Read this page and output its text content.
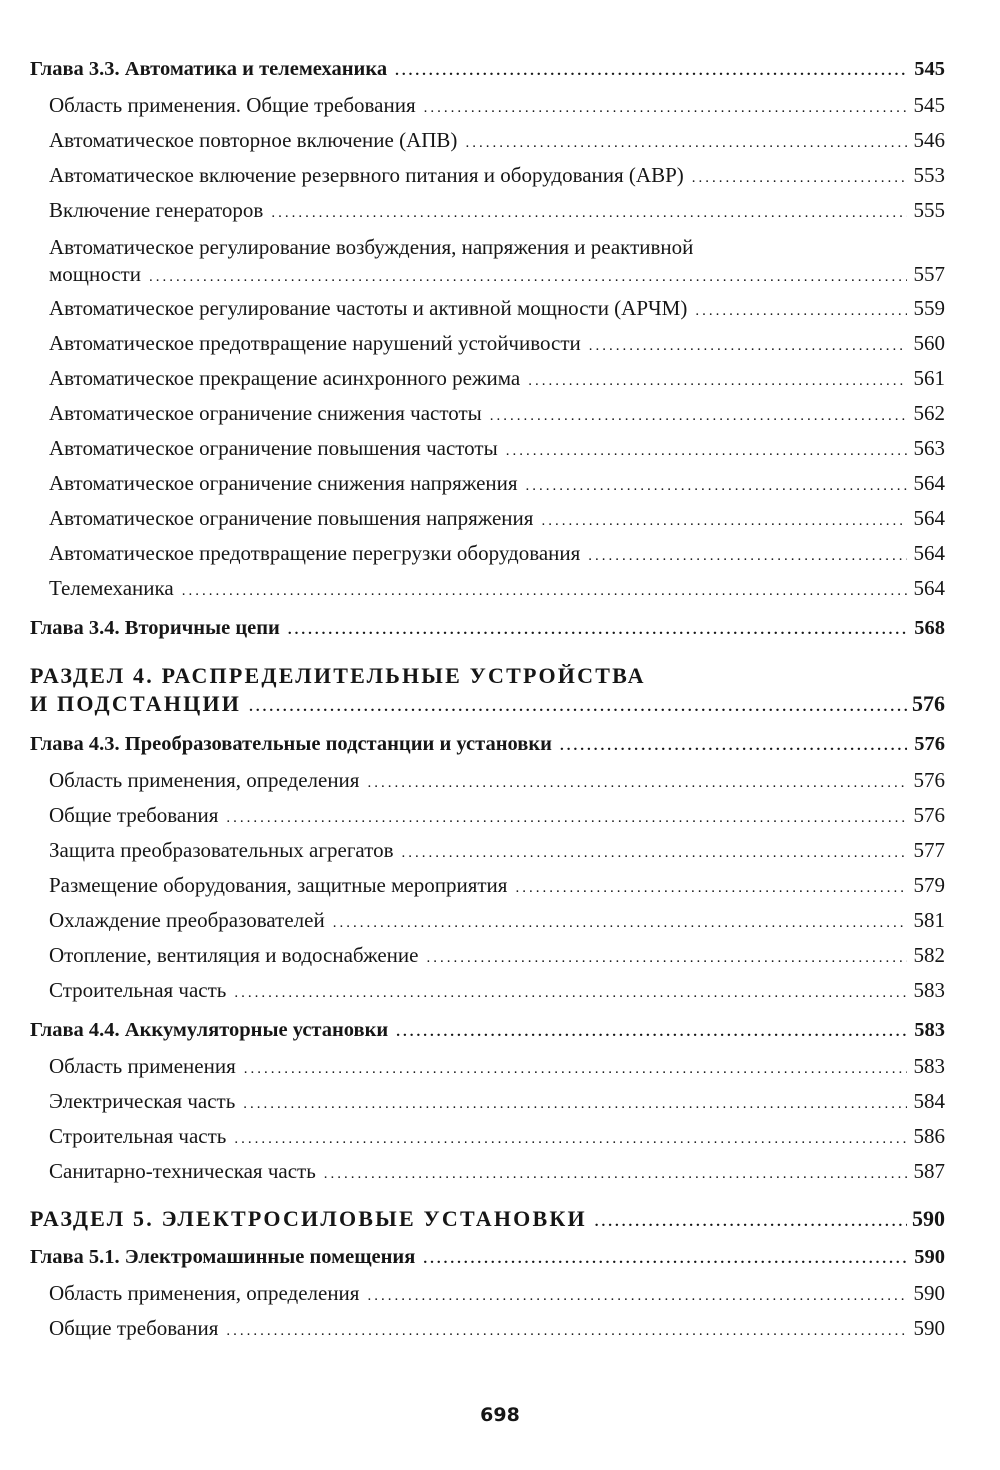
Глава 3.3. Автоматика и телемеханика .....	545
Область применения. Общие требования .....	545
Автоматическое повторное включение (АПВ) .....	546
Автоматическое включение резервного питания и оборудования (АВР) .....	553
Включение генераторов .....	555
Автоматическое регулирование возбуждения, напряжения и реактивной
мощности .....	557
Автоматическое регулирование частоты и активной мощности (АРЧМ) .....	559
Автоматическое предотвращение нарушений устойчивости .....	560
Автоматическое прекращение асинхронного режима .....	561
Автоматическое ограничение снижения частоты .....	562
Автоматическое ограничение повышения частоты .....	563
Автоматическое ограничение снижения напряжения .....	564
Автоматическое ограничение повышения напряжения .....	564
Автоматическое предотвращение перегрузки оборудования .....	564
Телемеханика .....	564
Глава 3.4. Вторичные цепи .....	568
РАЗДЕЛ 4. РАСПРЕДЕЛИТЕЛЬНЫЕ УСТРОЙСТВА
И ПОДСТАНЦИИ .....	576
Глава 4.3. Преобразовательные подстанции и установки .....	576
Область применения, определения .....	576
Общие требования .....	576
Защита преобразовательных агрегатов .....	577
Размещение оборудования, защитные мероприятия .....	579
Охлаждение преобразователей .....	581
Отопление, вентиляция и водоснабжение .....	582
Строительная часть .....	583
Глава 4.4. Аккумуляторные установки .....	583
Область применения .....	583
Электрическая часть .....	584
Строительная часть .....	586
Санитарно-техническая часть .....	587
РАЗДЕЛ 5. ЭЛЕКТРОСИЛОВЫЕ УСТАНОВКИ .....	590
Глава 5.1. Электромашинные помещения .....	590
Область применения, определения .....	590
Общие требования .....	590
698
